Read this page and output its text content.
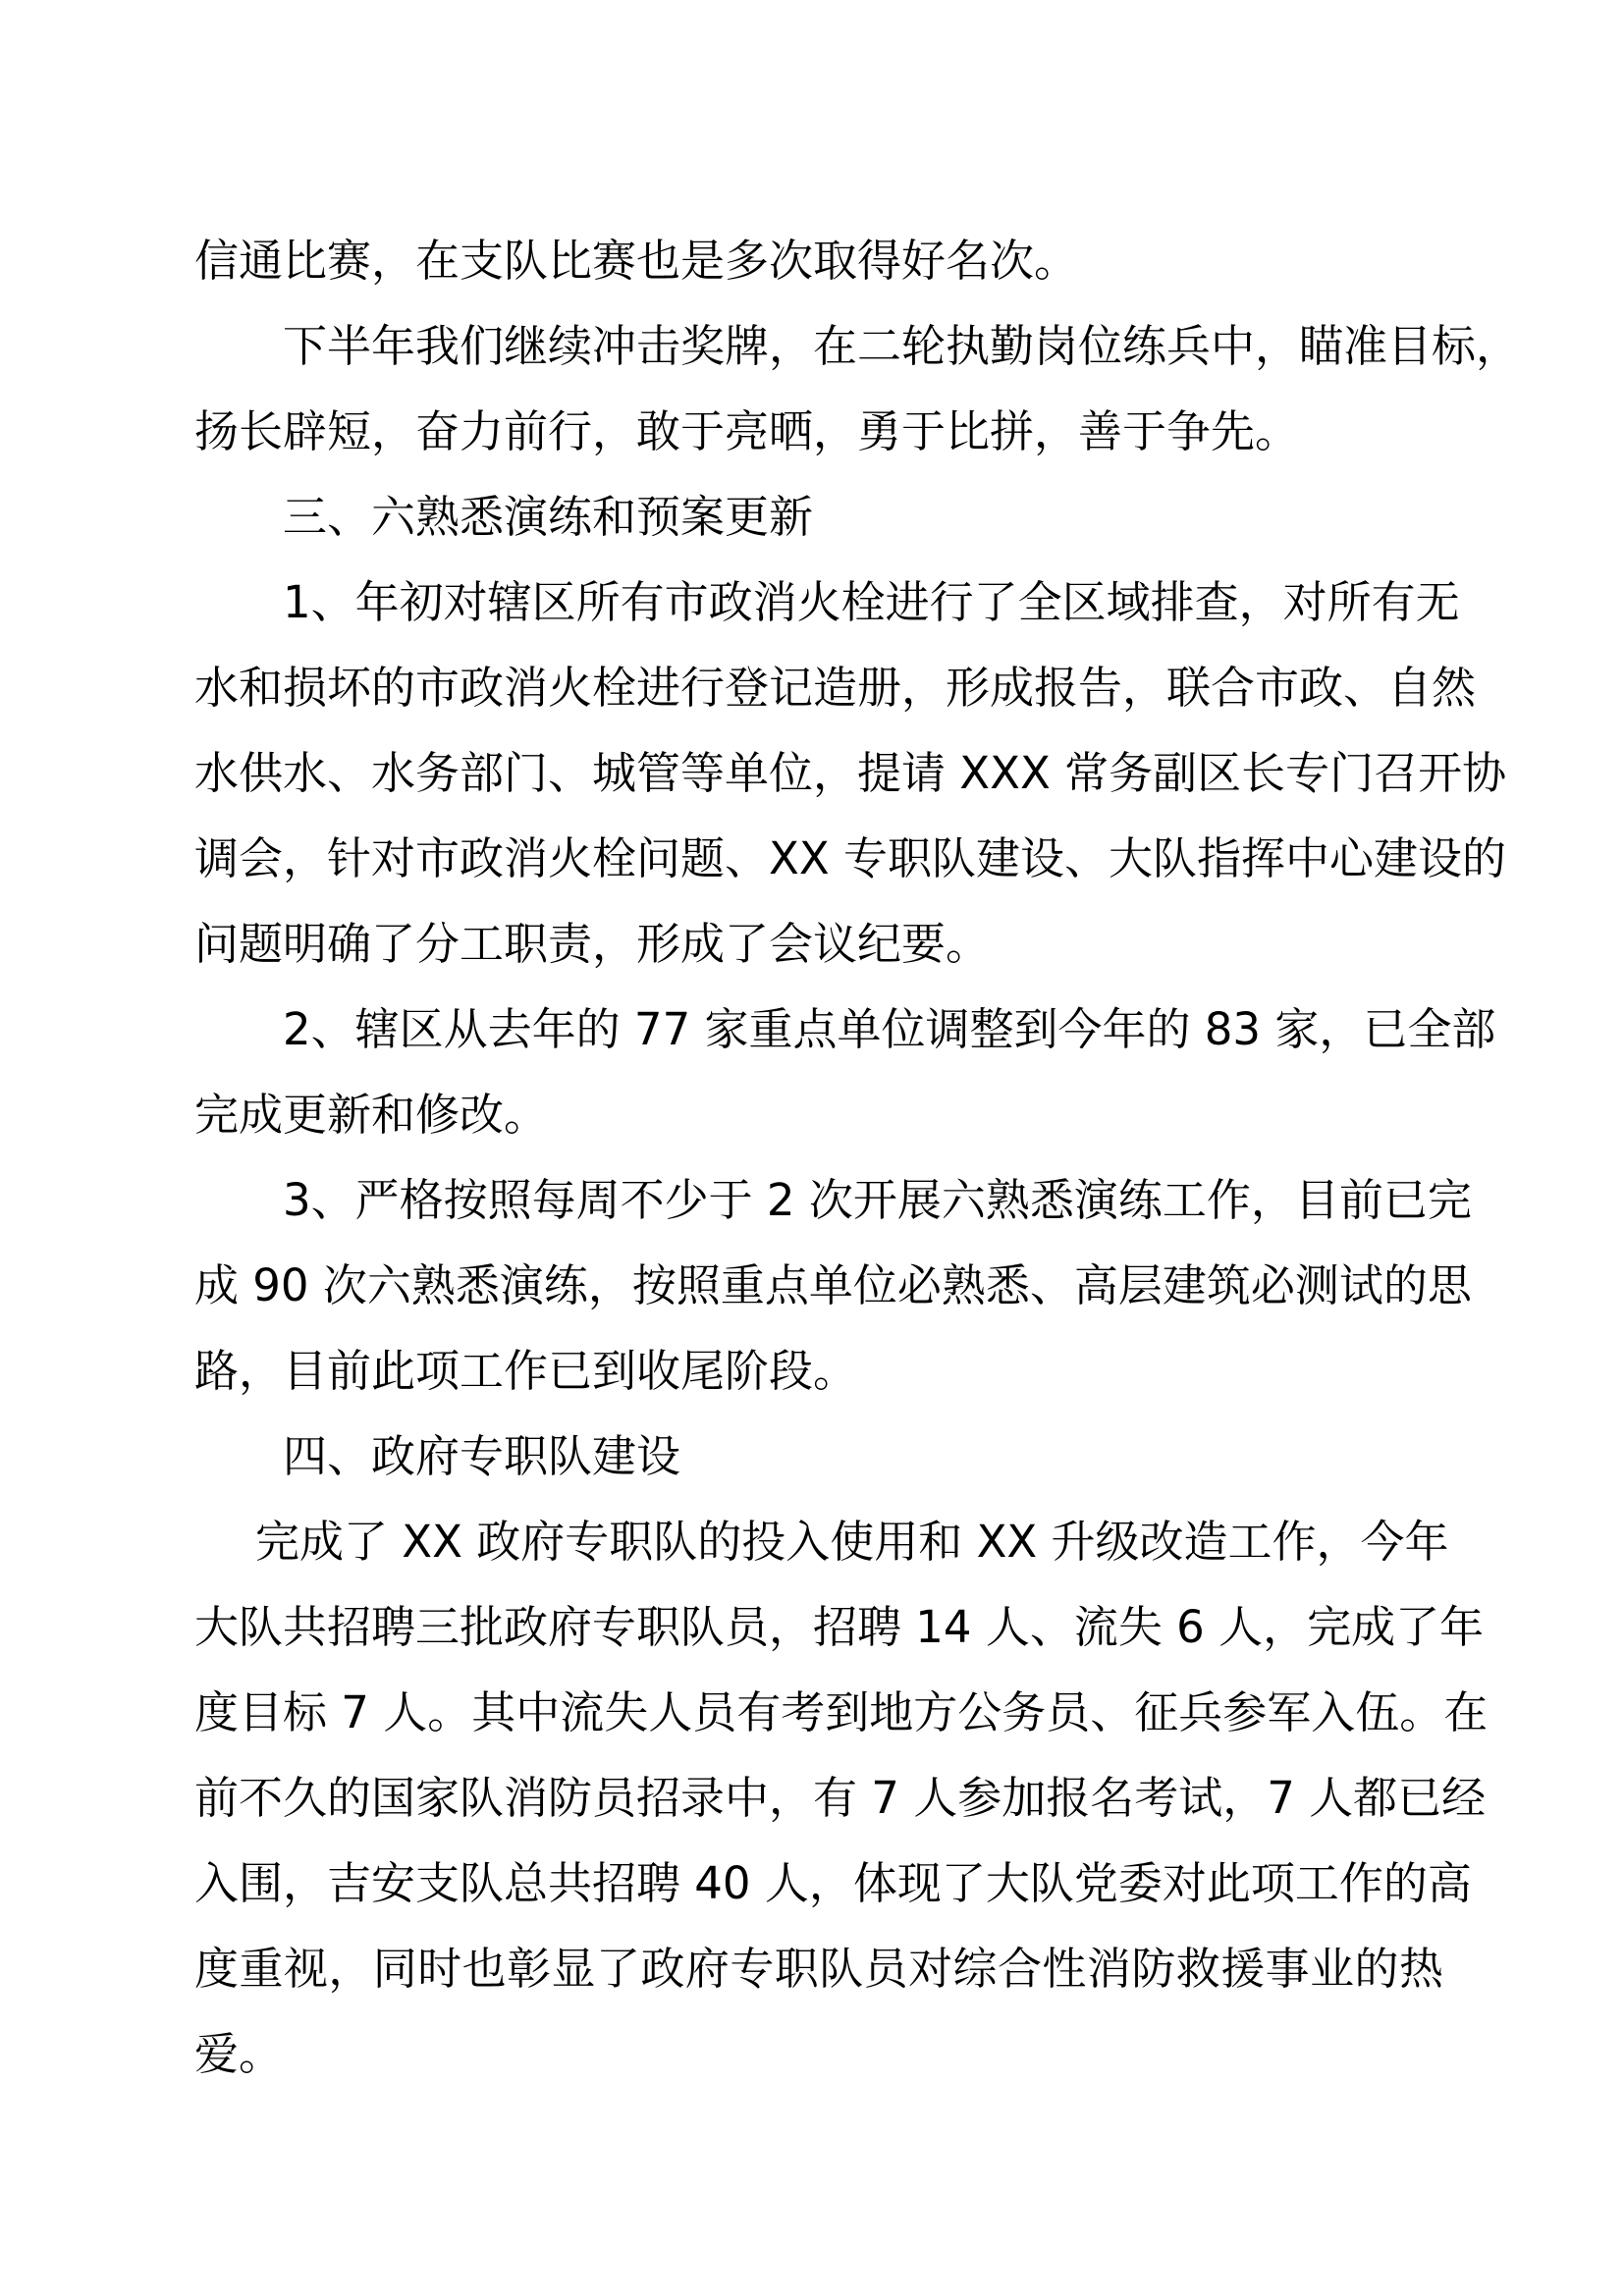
信通比赛，在支队比赛也是多次取得好名次。
下半年我们继续冲击奖牌，在二轮执勤岗位练兵中，瞄准目标，
扬长辟短，奋力前行，敢于亮晒，勇于比拼，善于争先。
三、六熟悉演练和预案更新
1、年初对辖区所有市政消火栓进行了全区域排查，对所有无
水和损坏的市政消火栓进行登记造册，形成报告，联合市政、自然
水供水、水务部门、城管等单位，提请 XXX 常务副区长专门召开协
调会，针对市政消火栓问题、XX 专职队建设、大队指挥中心建设的
问题明确了分工职责，形成了会议纪要。
2、辖区从去年的 77 家重点单位调整到今年的 83 家，已全部
完成更新和修改。
3、严格按照每周不少于 2 次开展六熟悉演练工作，目前已完
成 90 次六熟悉演练，按照重点单位必熟悉、高层建筑必测试的思
路，目前此项工作已到收尾阶段。
四、政府专职队建设
完成了 XX 政府专职队的投入使用和 XX 升级改造工作，今年
大队共招聘三批政府专职队员，招聘 14 人、流失 6 人，完成了年
度目标 7 人。其中流失人员有考到地方公务员、征兵参军入伍。在
前不久的国家队消防员招录中，有 7 人参加报名考试，7 人都已经
入围，吉安支队总共招聘 40 人，体现了大队党委对此项工作的高
度重视，同时也彰显了政府专职队员对综合性消防救援事业的热
爱。
